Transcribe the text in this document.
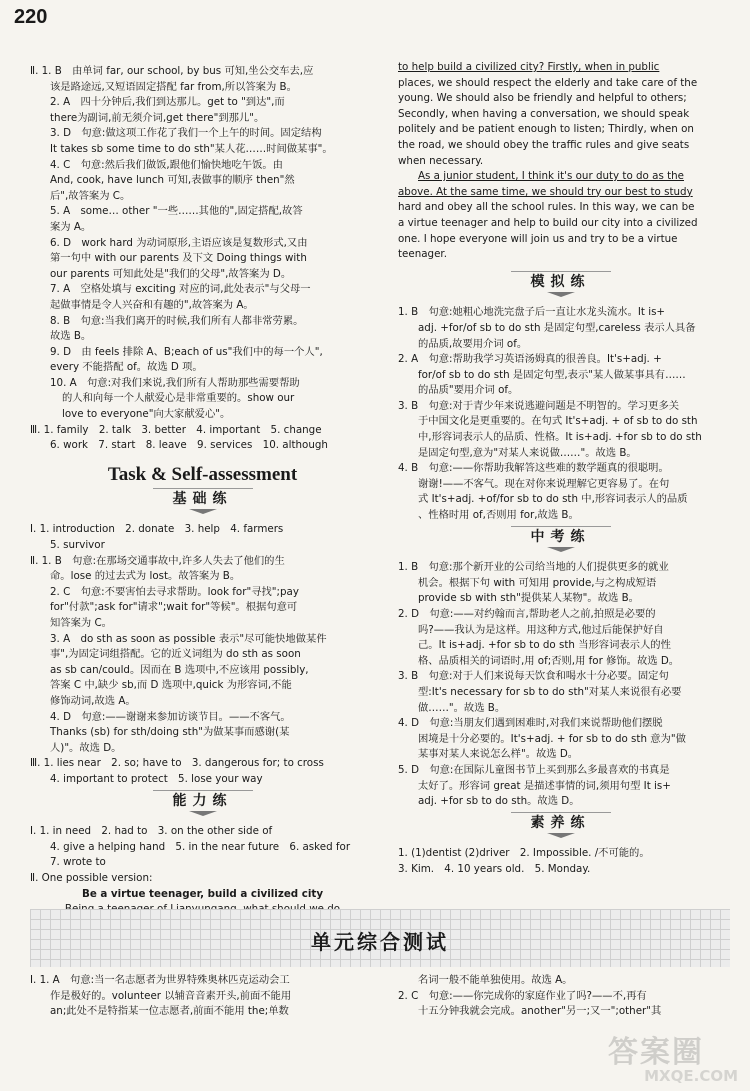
220
Ⅱ. 1. B　由单词 far, our school, by bus 可知,坐公交车去,应
该是路途远,又短语固定搭配 far from,所以答案为 B。
2. A　四十分钟后,我们到达那儿。get to "到达",而
there为副词,前无须介词,get there"到那儿"。
3. D　句意:做这项工作花了我们一个上午的时间。固定结构
It takes sb some time to do sth"某人花……时间做某事"。
4. C　句意:然后我们做饭,跟他们愉快地吃午饭。由
And, cook, have lunch 可知,表做事的顺序 then"然
后",故答案为 C。
5. A　some… other "一些……其他的",固定搭配,故答
案为 A。
6. D　work hard 为动词原形,主语应该是复数形式,又由
第一句中 with our parents 及下文 Doing things with
our parents 可知此处是"我们的父母",故答案为 D。
7. A　空格处填与 exciting 对应的词,此处表示"与父母一
起做事情是令人兴奋和有趣的",故答案为 A。
8. B　句意:当我们离开的时候,我们所有人都非常劳累。
故选 B。
9. D　由 feels 排除 A、B;each of us"我们中的每一个人",
every 不能搭配 of。故选 D 项。
10. A　句意:对我们来说,我们所有人帮助那些需要帮助
的人和向每一个人献爱心是非常重要的。show our
love to everyone"向大家献爱心"。
Ⅲ. 1. family　2. talk　3. better　4. important　5. change
6. work　7. start　8. leave　9. services　10. although
Task & Self-assessment
基础练
Ⅰ. 1. introduction　2. donate　3. help　4. farmers
5. survivor
Ⅱ. 1. B　句意:在那场交通事故中,许多人失去了他们的生
命。lose 的过去式为 lost。故答案为 B。
2. C　句意:不要害怕去寻求帮助。look for"寻找";pay
for"付款";ask for"请求";wait for"等候"。根据句意可
知答案为 C。
3. A　do sth as soon as possible 表示"尽可能快地做某件
事",为固定词组搭配。它的近义词组为 do sth as soon
as sb can/could。因而在 B 选项中,不应该用 possibly,
答案 C 中,缺少 sb,而 D 选项中,quick 为形容词,不能
修饰动词,故选 A。
4. D　句意:——谢谢来参加访谈节目。——不客气。
Thanks (sb) for sth/doing sth"为做某事而感谢(某
人)"。故选 D。
Ⅲ. 1. lies near　2. so; have to　3. dangerous for; to cross
4. important to protect　5. lose your way
能力练
Ⅰ. 1. in need　2. had to　3. on the other side of
4. give a helping hand　5. in the near future　6. asked for
7. wrote to
Ⅱ. One possible version:
Be a virtue teenager, build a civilized city
to help build a civilized city? Firstly, when in public
places, we should respect the elderly and take care of the
young. We should also be friendly and helpful to others;
Secondly, when having a conversation, we should speak
politely and be patient enough to listen; Thirdly, when on
the road, we should obey the traffic rules and give seats
when necessary.
As a junior student, I think it's our duty to do as the
above. At the same time, we should try our best to study
hard and obey all the school rules. In this way, we can be
a virtue teenager and help to build our city into a civilized
one. I hope everyone will join us and try to be a virtue
teenager.
模拟练
1. B　句意:她粗心地洗完盘子后一直让水龙头流水。It is+
adj. +for/of sb to do sth 是固定句型,careless 表示人具备
的品质,故要用介词 of。
2. A　句意:帮助我学习英语汤姆真的很善良。It's+adj. +
for/of sb to do sth 是固定句型,表示"某人做某事具有……
的品质"要用介词 of。
3. B　句意:对于青少年来说逃避问题是不明智的。学习更多关
于中国文化是更重要的。在句式 It's+adj. + of sb to do sth
中,形容词表示人的品质、性格。It is+adj. +for sb to do sth
是固定句型,意为"对某人来说做……"。故选 B。
4. B　句意:——你帮助我解答这些难的数学题真的很聪明。
谢谢!——不客气。现在对你来说理解它更容易了。在句
式 It's+adj. +of/for sb to do sth 中,形容词表示人的品质
、性格时用 of,否则用 for,故选 B。
中考练
1. B　句意:那个新开业的公司给当地的人们提供更多的就业
机会。根据下句 with 可知用 provide,与之构成短语
provide sb with sth"提供某人某物"。故选 B。
2. D　句意:——对约翰而言,帮助老人之前,拍照是必要的
吗?——我认为是这样。用这种方式,他过后能保护好自
己。It is+adj. +for sb to do sth 当形容词表示人的性
格、品质相关的词语时,用 of;否则,用 for 修饰。故选 D。
3. B　句意:对于人们来说每天饮食和喝水十分必要。固定句
型:It's necessary for sb to do sth"对某人来说很有必要
做……"。故选 B。
4. D　句意:当朋友们遇到困难时,对我们来说帮助他们摆脱
困境是十分必要的。It's+adj. + for sb to do sth 意为"做
某事对某人来说怎么样"。故选 D。
5. D　句意:在国际儿童图书节上买到那么多最喜欢的书真是
太好了。形容词 great 是描述事情的词,须用句型 It is+
adj. +for sb to do sth。故选 D。
素养练
1. (1)dentist (2)driver　2. Impossible. /不可能的。
3. Kim.　4. 10 years old.　5. Monday.
单元综合测试
Ⅰ. 1. A　句意:当一名志愿者为世界特殊奥林匹克运动会工
作是极好的。volunteer 以辅音音素开头,前面不能用
an;此处不是特指某一位志愿者,前面不能用 the;单数
名词一般不能单独使用。故选 A。
2. C　句意:——你完成你的家庭作业了吗?——不,再有
十五分钟我就会完成。another"另一;又一";other"其
答案圈
MXQE.COM
